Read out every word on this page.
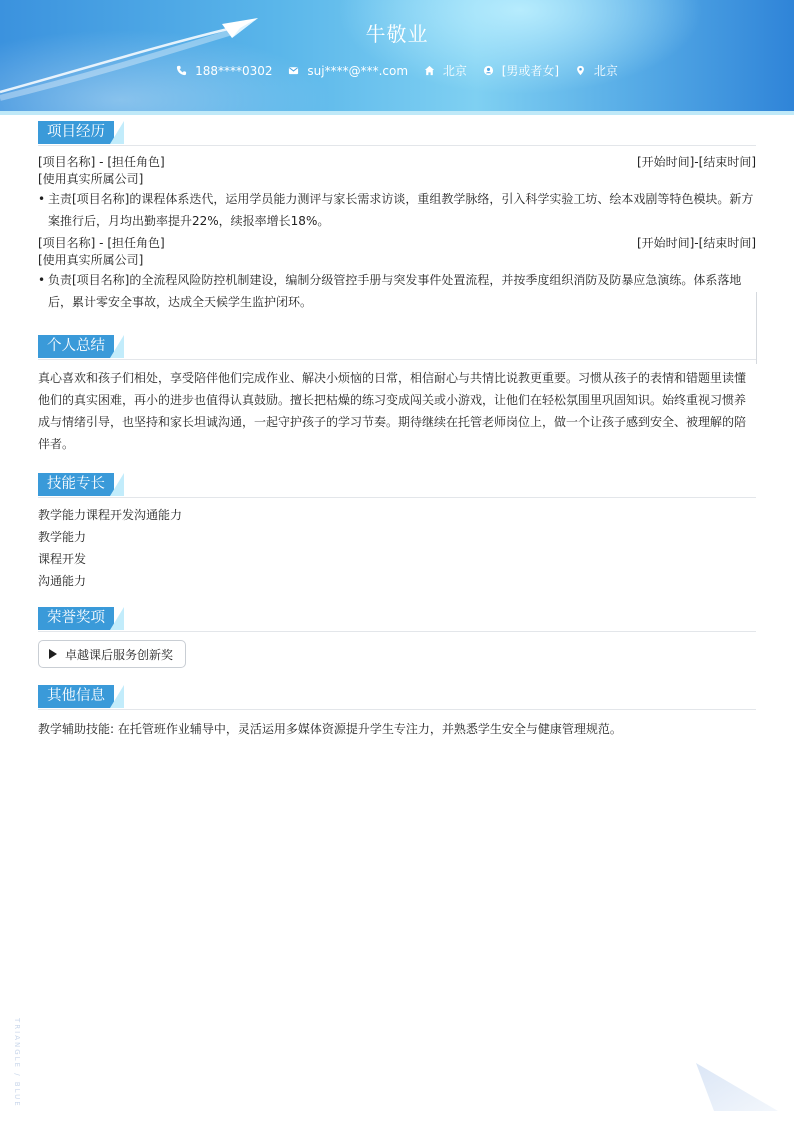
牛敬业
188****0302
	suj****@***.com
	北京
	[男或者女]
	北京
项目经历
[项目名称] - [担任角色]	[开始时间]-[结束时间]
[使用真实所属公司]
• 主责[项目名称]的课程体系迭代，运用学员能力测评与家长需求访谈，重组教学脉络，引入科学实验工坊、绘本戏剧等特色模块。新方案推行后，月均出勤率提升22%，续报率增长18%。
[项目名称] - [担任角色]	[开始时间]-[结束时间]
[使用真实所属公司]
• 负责[项目名称]的全流程风险防控机制建设，编制分级管控手册与突发事件处置流程，并按季度组织消防及防暴应急演练。体系落地后，累计零安全事故，达成全天候学生监护闭环。
个人总结
真心喜欢和孩子们相处，享受陪伴他们完成作业、解决小烦恼的日常，相信耐心与共情比说教更重要。习惯从孩子的表情和错题里读懂他们的真实困难，再小的进步也值得认真鼓励。擅长把枯燥的练习变成闯关或小游戏，让他们在轻松氛围里巩固知识。始终重视习惯养成与情绪引导，也坚持和家长坦诚沟通，一起守护孩子的学习节奏。期待继续在托管老师岗位上，做一个让孩子感到安全、被理解的陪伴者。
技能专长
教学能力课程开发沟通能力
教学能力
课程开发
沟通能力
荣誉奖项
卓越课后服务创新奖
其他信息
教学辅助技能: 在托管班作业辅导中，灵活运用多媒体资源提升学生专注力，并熟悉学生安全与健康管理规范。
TRIANGLE / BLUE
